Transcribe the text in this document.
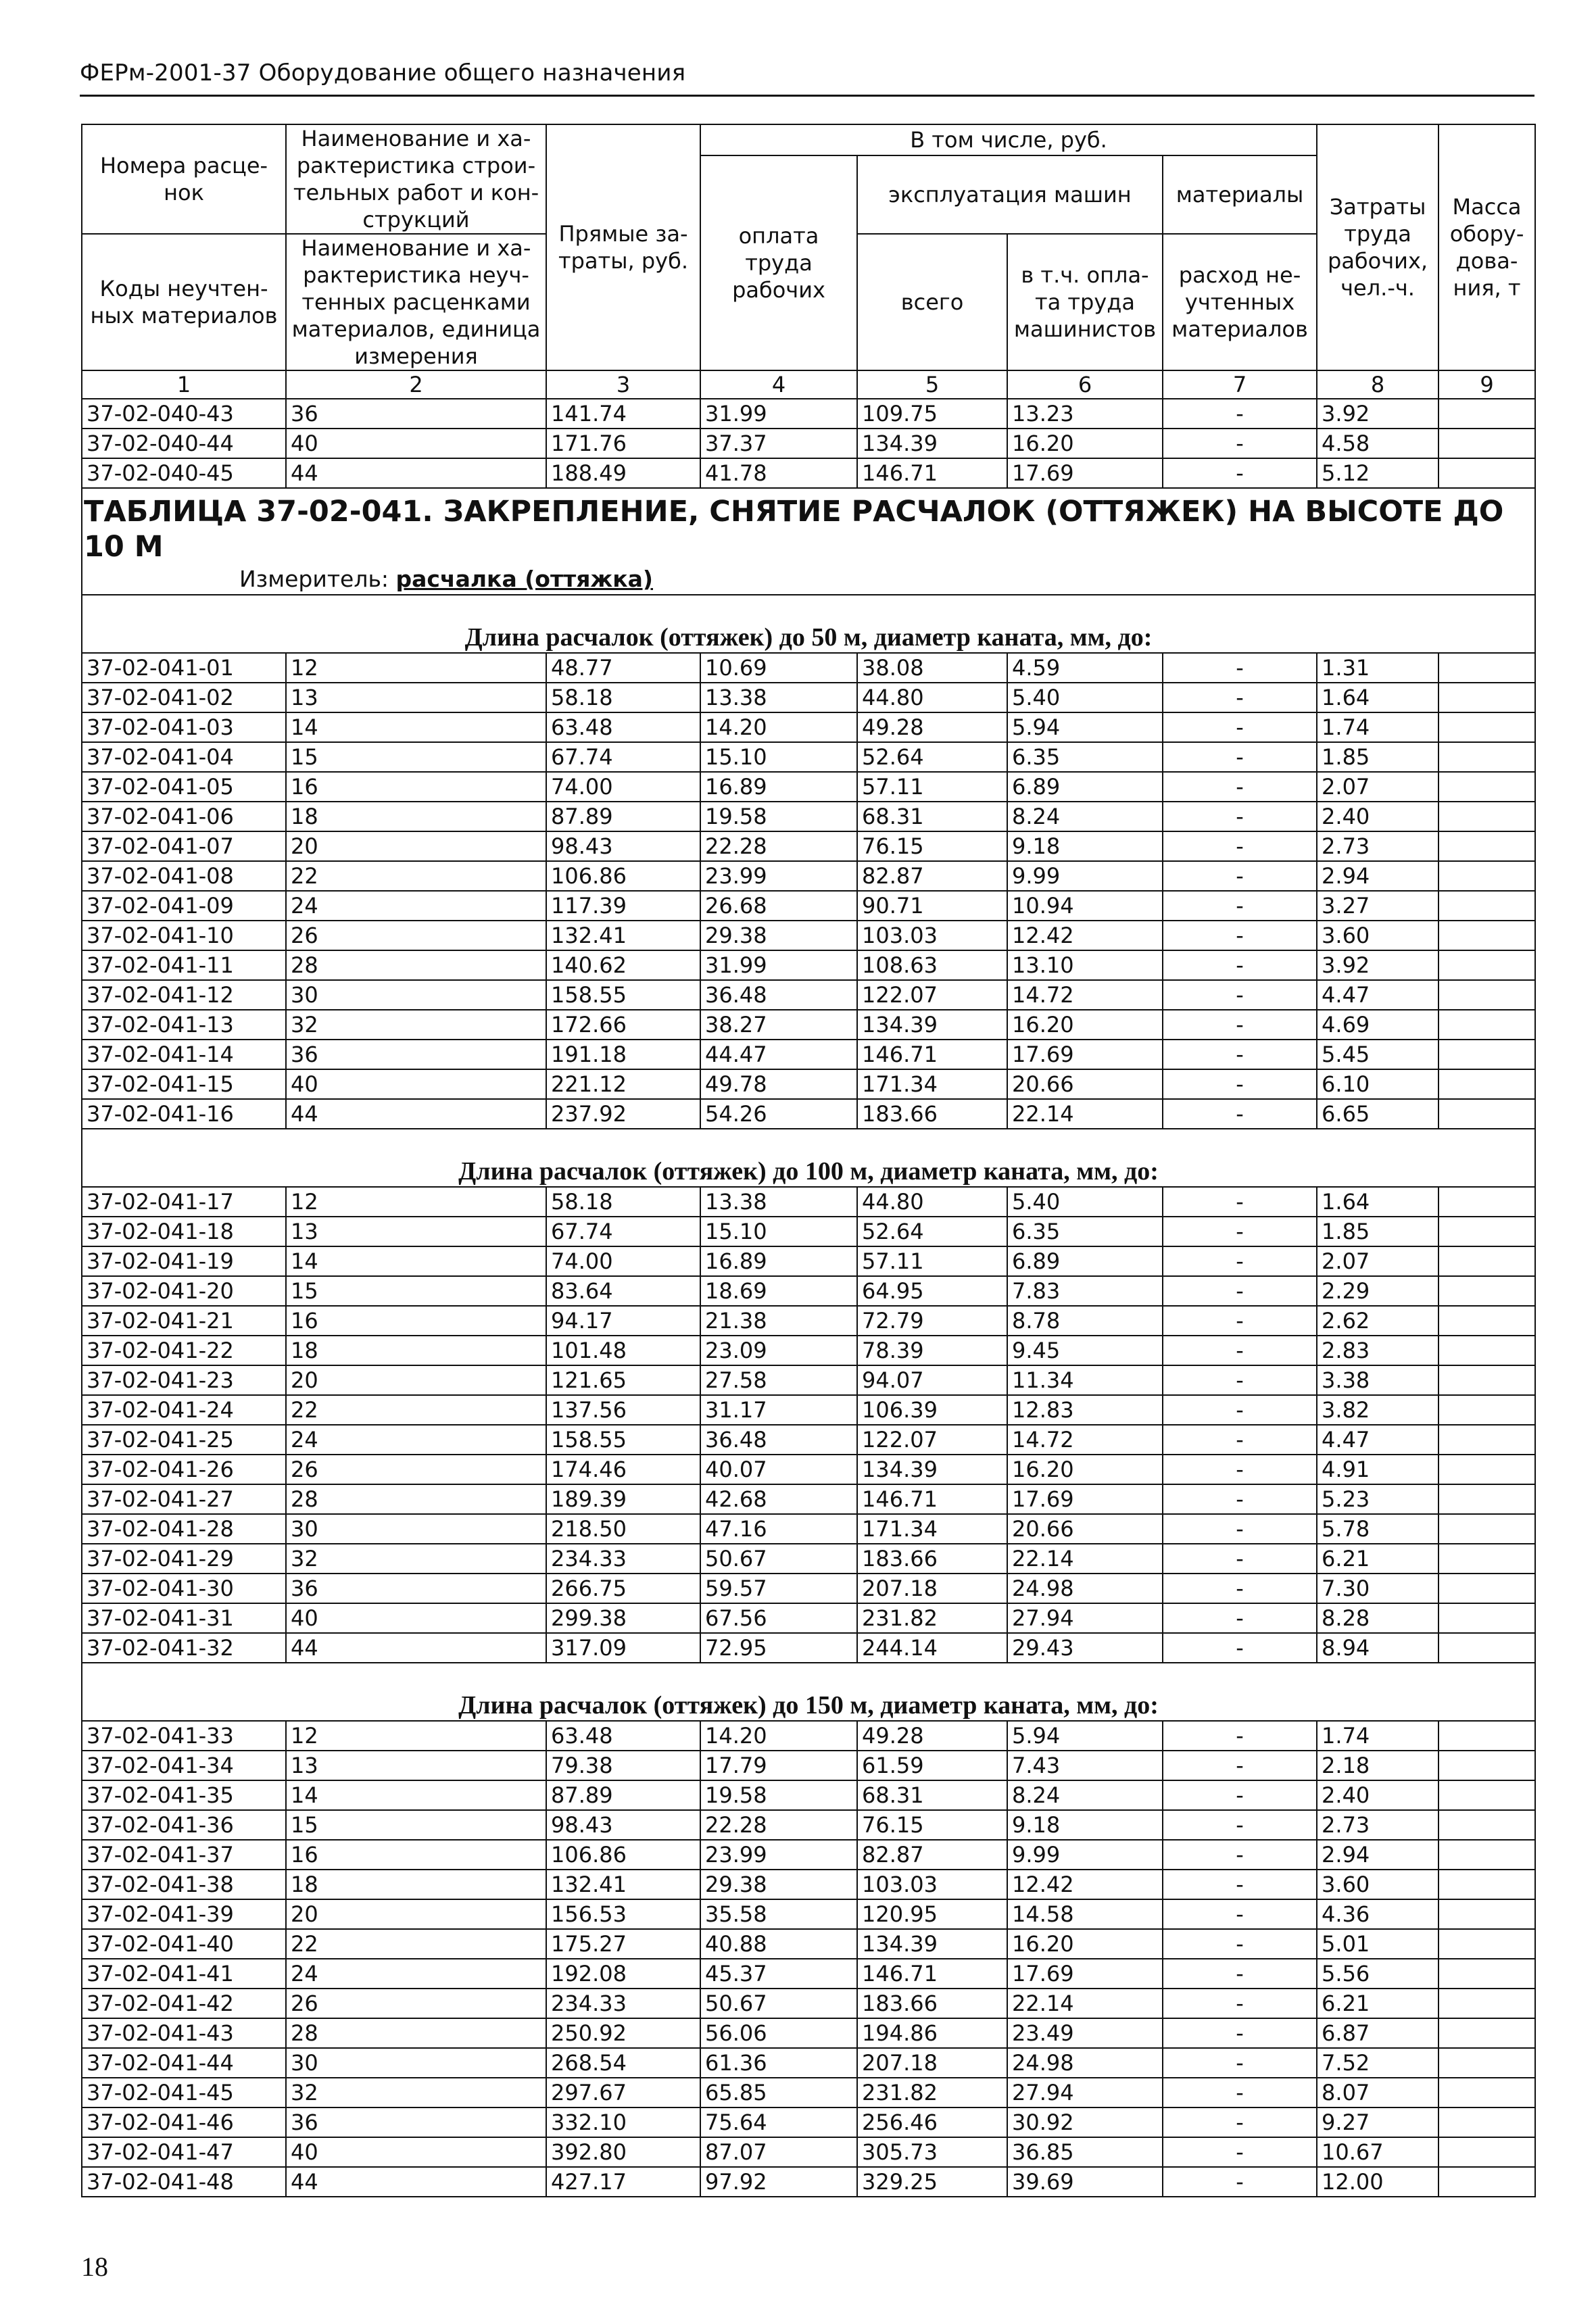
ФЕРм-2001-37 Оборудование общего назначения
Номера расце-нок	Наименование и ха-рактеристика строи-тельных работ и кон-струкций	Прямые за-траты, руб.	В том числе, руб.				Затраты труда рабочих, чел.-ч.	Масса обору-дова-ния, т
			оплата труда рабочих	эксплуатация машин		материалы		
Коды неучтен-ных материалов	Наименование и ха-рактеристика неуч-тенных расценками материалов, единица измерения			всего	в т.ч. опла-та труда машинистов	расход не-учтенных материалов		

1	2	3	4	5	6	7	8	9
37-02-040-43	36	141.74	31.99	109.75	13.23	-	3.92	
37-02-040-44	40	171.76	37.37	134.39	16.20	-	4.58	
37-02-040-45	44	188.49	41.78	146.71	17.69	-	5.12	

ТАБЛИЦА 37-02-041. ЗАКРЕПЛЕНИЕ, СНЯТИЕ РАСЧАЛОК (ОТТЯЖЕК) НА ВЫСОТЕ ДО 10 М
Измеритель: расчалка (оттяжка)								

Длина расчалок (оттяжек) до 50 м, диаметр каната, мм, до:								
37-02-041-01	12	48.77	10.69	38.08	4.59	-	1.31	
37-02-041-02	13	58.18	13.38	44.80	5.40	-	1.64	
37-02-041-03	14	63.48	14.20	49.28	5.94	-	1.74	
37-02-041-04	15	67.74	15.10	52.64	6.35	-	1.85	
37-02-041-05	16	74.00	16.89	57.11	6.89	-	2.07	
37-02-041-06	18	87.89	19.58	68.31	8.24	-	2.40	
37-02-041-07	20	98.43	22.28	76.15	9.18	-	2.73	
37-02-041-08	22	106.86	23.99	82.87	9.99	-	2.94	
37-02-041-09	24	117.39	26.68	90.71	10.94	-	3.27	
37-02-041-10	26	132.41	29.38	103.03	12.42	-	3.60	
37-02-041-11	28	140.62	31.99	108.63	13.10	-	3.92	
37-02-041-12	30	158.55	36.48	122.07	14.72	-	4.47	
37-02-041-13	32	172.66	38.27	134.39	16.20	-	4.69	
37-02-041-14	36	191.18	44.47	146.71	17.69	-	5.45	
37-02-041-15	40	221.12	49.78	171.34	20.66	-	6.10	
37-02-041-16	44	237.92	54.26	183.66	22.14	-	6.65	
Длина расчалок (оттяжек) до 100 м, диаметр каната, мм, до:								
37-02-041-17	12	58.18	13.38	44.80	5.40	-	1.64	
37-02-041-18	13	67.74	15.10	52.64	6.35	-	1.85	
37-02-041-19	14	74.00	16.89	57.11	6.89	-	2.07	
37-02-041-20	15	83.64	18.69	64.95	7.83	-	2.29	
37-02-041-21	16	94.17	21.38	72.79	8.78	-	2.62	
37-02-041-22	18	101.48	23.09	78.39	9.45	-	2.83	
37-02-041-23	20	121.65	27.58	94.07	11.34	-	3.38	
37-02-041-24	22	137.56	31.17	106.39	12.83	-	3.82	
37-02-041-25	24	158.55	36.48	122.07	14.72	-	4.47	
37-02-041-26	26	174.46	40.07	134.39	16.20	-	4.91	
37-02-041-27	28	189.39	42.68	146.71	17.69	-	5.23	
37-02-041-28	30	218.50	47.16	171.34	20.66	-	5.78	
37-02-041-29	32	234.33	50.67	183.66	22.14	-	6.21	
37-02-041-30	36	266.75	59.57	207.18	24.98	-	7.30	
37-02-041-31	40	299.38	67.56	231.82	27.94	-	8.28	
37-02-041-32	44	317.09	72.95	244.14	29.43	-	8.94	
Длина расчалок (оттяжек) до 150 м, диаметр каната, мм, до:								
37-02-041-33	12	63.48	14.20	49.28	5.94	-	1.74	
37-02-041-34	13	79.38	17.79	61.59	7.43	-	2.18	
37-02-041-35	14	87.89	19.58	68.31	8.24	-	2.40	
37-02-041-36	15	98.43	22.28	76.15	9.18	-	2.73	
37-02-041-37	16	106.86	23.99	82.87	9.99	-	2.94	
37-02-041-38	18	132.41	29.38	103.03	12.42	-	3.60	
37-02-041-39	20	156.53	35.58	120.95	14.58	-	4.36	
37-02-041-40	22	175.27	40.88	134.39	16.20	-	5.01	
37-02-041-41	24	192.08	45.37	146.71	17.69	-	5.56	
37-02-041-42	26	234.33	50.67	183.66	22.14	-	6.21	
37-02-041-43	28	250.92	56.06	194.86	23.49	-	6.87	
37-02-041-44	30	268.54	61.36	207.18	24.98	-	7.52	
37-02-041-45	32	297.67	65.85	231.82	27.94	-	8.07	
37-02-041-46	36	332.10	75.64	256.46	30.92	-	9.27	
37-02-041-47	40	392.80	87.07	305.73	36.85	-	10.67	
37-02-041-48	44	427.17	97.92	329.25	39.69	-	12.00	
18
